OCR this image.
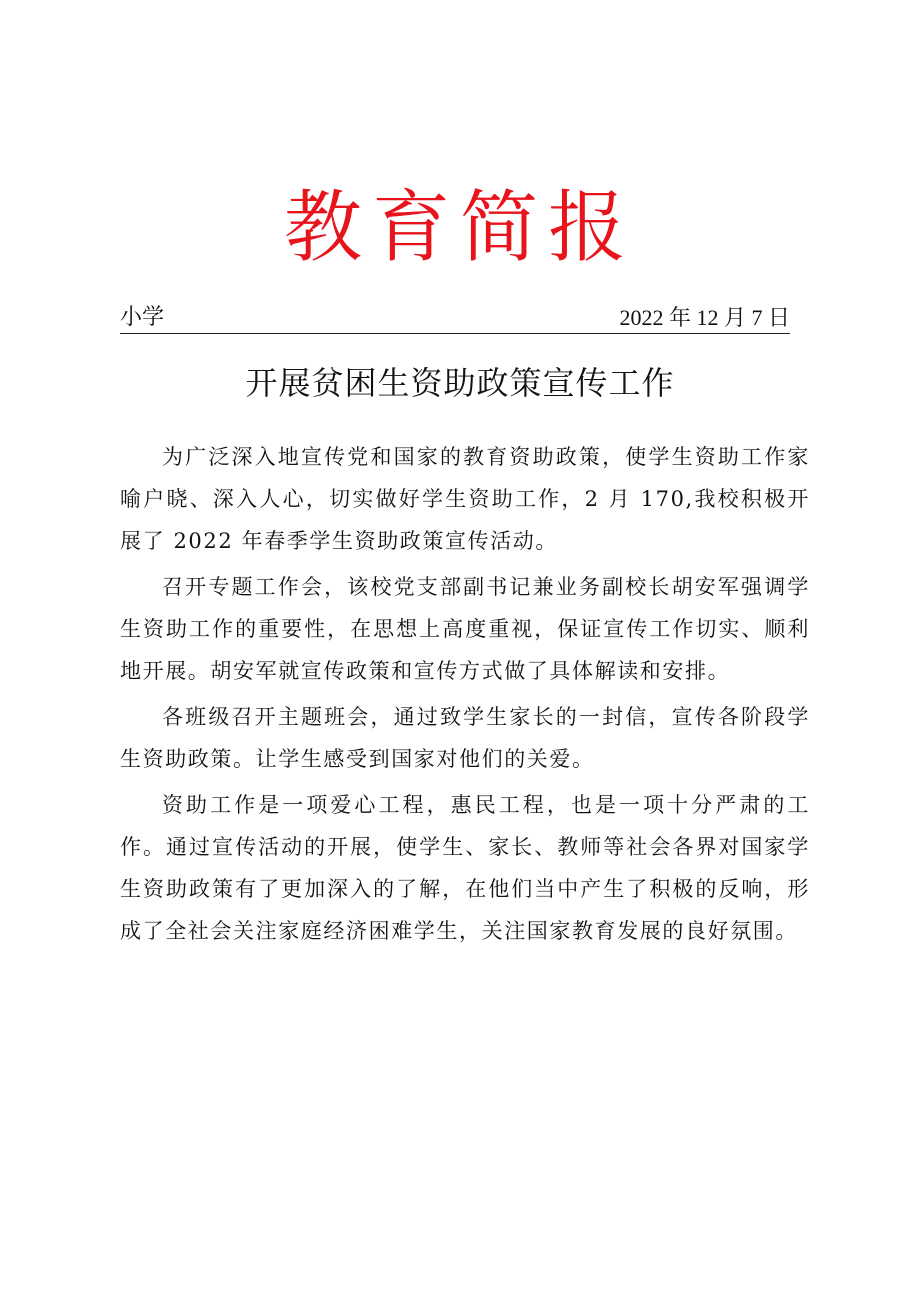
教育简报
小学	2022 年 12 月 7 日
开展贫困生资助政策宣传工作

为广泛深入地宣传党和国家的教育资助政策，使学生资助工作家喻户晓、深入人心，切实做好学生资助工作，2 月 170,我校积极开展了 2022 年春季学生资助政策宣传活动。

召开专题工作会，该校党支部副书记兼业务副校长胡安军强调学生资助工作的重要性，在思想上高度重视，保证宣传工作切实、顺利地开展。胡安军就宣传政策和宣传方式做了具体解读和安排。

各班级召开主题班会，通过致学生家长的一封信，宣传各阶段学生资助政策。让学生感受到国家对他们的关爱。

资助工作是一项爱心工程，惠民工程，也是一项十分严肃的工作。通过宣传活动的开展，使学生、家长、教师等社会各界对国家学生资助政策有了更加深入的了解，在他们当中产生了积极的反响，形成了全社会关注家庭经济困难学生，关注国家教育发展的良好氛围。
